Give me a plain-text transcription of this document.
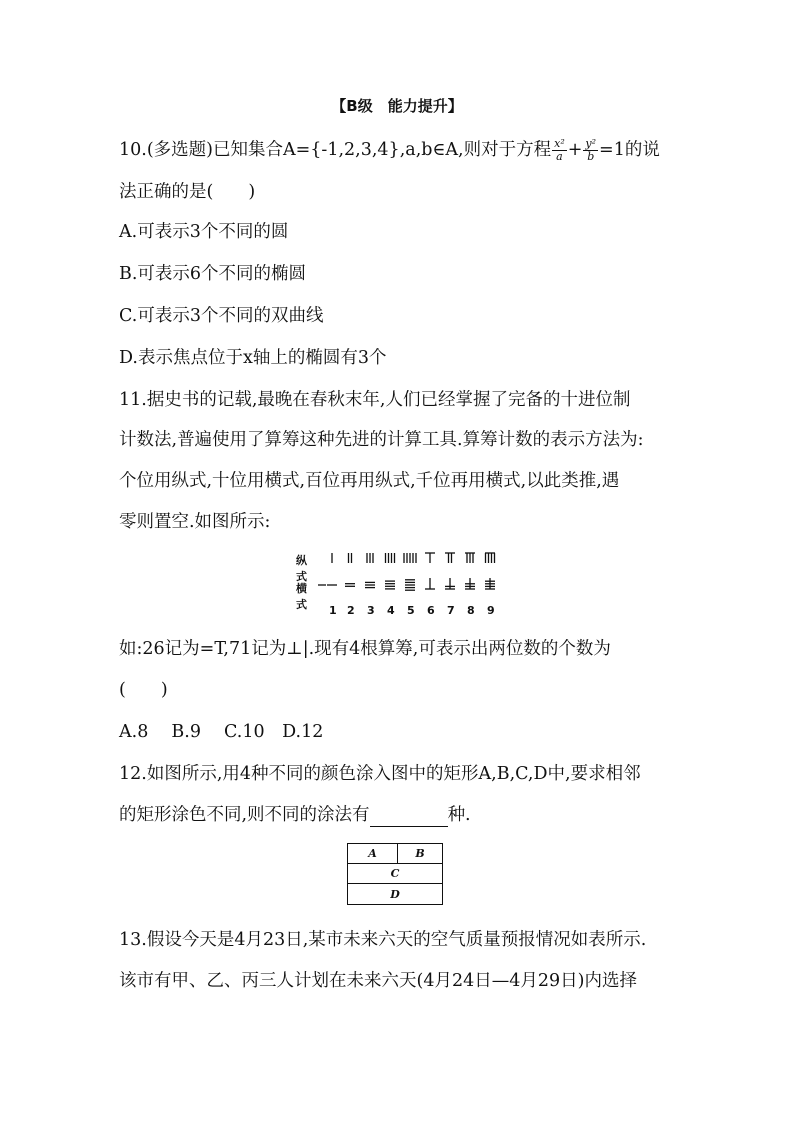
【B级　能力提升】
10.(多选题)已知集合A={-1,2,3,4},a,b∈A,则对于方程 $\frac{\text{x²}}{a} + \frac{\text{y²}}{b} =1$的说
法正确的是(　　)
A.可表示3个不同的圆
B.可表示6个不同的椭圆
C.可表示3个不同的双曲线
D.表示焦点位于x轴上的椭圆有3个
11.据史书的记载,最晚在春秋末年,人们已经掌握了完备的十进位制
计数法,普遍使用了算筹这种先进的计算工具.算筹计数的表示方法为:
个位用纵式,十位用横式,百位再用纵式,千位再用横式,以此类推,遇
零则置空.如图所示:
纵式
横式 1 2 3 4 5 6 7 8 9
如:26记为=T,71记为⊥|.现有4根算筹,可表示出两位数的个数为
(　　)
A.8　 B.9　 C.10　D.12
12.如图所示,用4种不同的颜色涂入图中的矩形A,B,C,D中,要求相邻
的矩形涂色不同,则不同的涂法有	种.
A	B
C
D
13.假设今天是4月23日,某市未来六天的空气质量预报情况如表所示.
该市有甲、乙、丙三人计划在未来六天(4月24日—4月29日)内选择
